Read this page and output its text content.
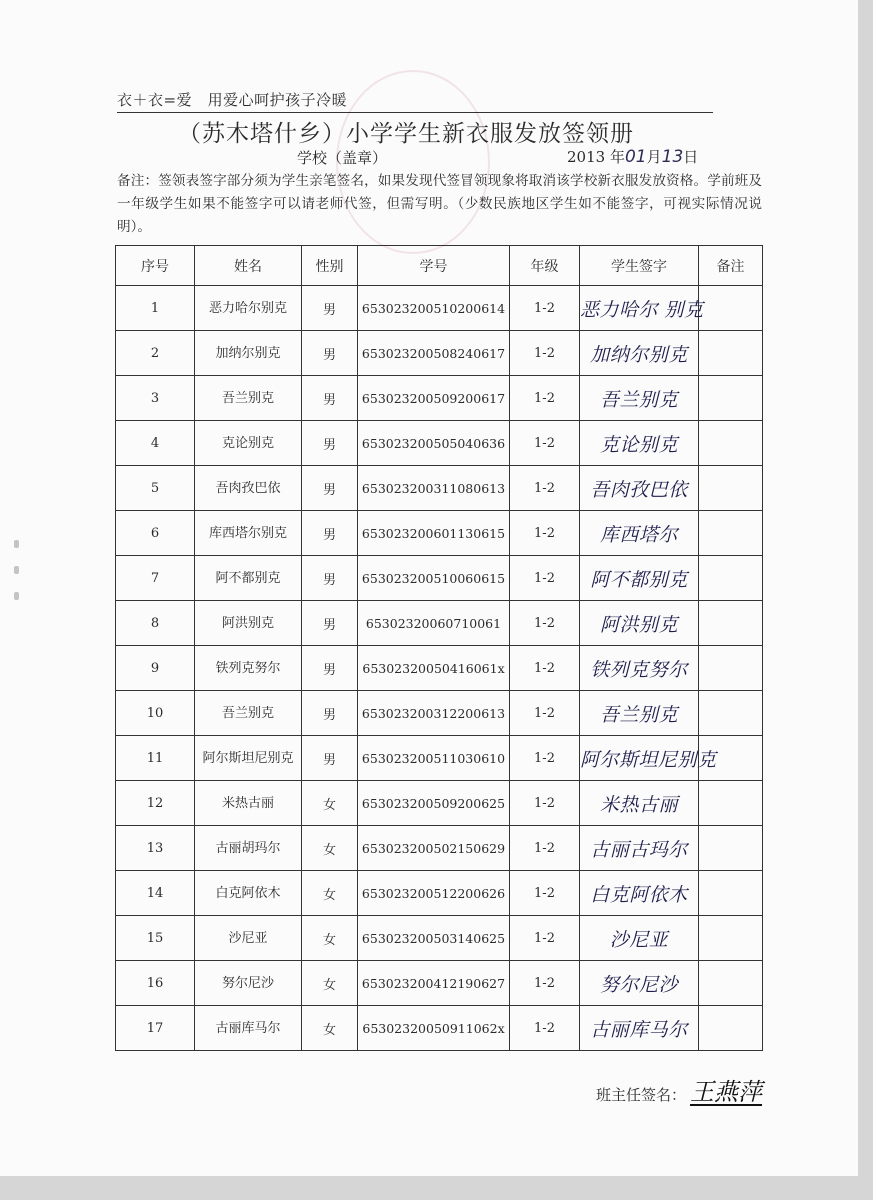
衣＋衣=爱　用爱心呵护孩子冷暖
（苏木塔什乡）小学学生新衣服发放签领册
学校（盖章）	2013 年01月13日
备注：签领表签字部分须为学生亲笔签名，如果发现代签冒领现象将取消该学校新衣服发放资格。学前班及一年级学生如果不能签字可以请老师代签，但需写明。（少数民族地区学生如不能签字，可视实际情况说明）。
序号	姓名	性别	学号	年级	学生签字	备注
1	恶力哈尔别克	男	653023200510200614	1-2	恶力哈尔 别克	
2	加纳尔别克	男	653023200508240617	1-2	加纳尔别克	
3	吾兰别克	男	653023200509200617	1-2	吾兰别克	
4	克论别克	男	653023200505040636	1-2	克论别克	
5	吾肉孜巴依	男	653023200311080613	1-2	吾肉孜巴依	
6	库西塔尔别克	男	653023200601130615	1-2	库西塔尔	
7	阿不都别克	男	653023200510060615	1-2	阿不都别克	
8	阿洪别克	男	65302320060710061	1-2	阿洪别克	
9	铁列克努尔	男	65302320050416061x	1-2	铁列克努尔	
10	吾兰别克	男	653023200312200613	1-2	吾兰别克	
11	阿尔斯坦尼别克	男	653023200511030610	1-2	阿尔斯坦尼别克	
12	米热古丽	女	653023200509200625	1-2	米热古丽	
13	古丽胡玛尔	女	653023200502150629	1-2	古丽古玛尔	
14	白克阿依木	女	653023200512200626	1-2	白克阿依木	
15	沙尼亚	女	653023200503140625	1-2	沙尼亚	
16	努尔尼沙	女	653023200412190627	1-2	努尔尼沙	
17	古丽库马尔	女	65302320050911062x	1-2	古丽库马尔	
班主任签名： 王燕萍
